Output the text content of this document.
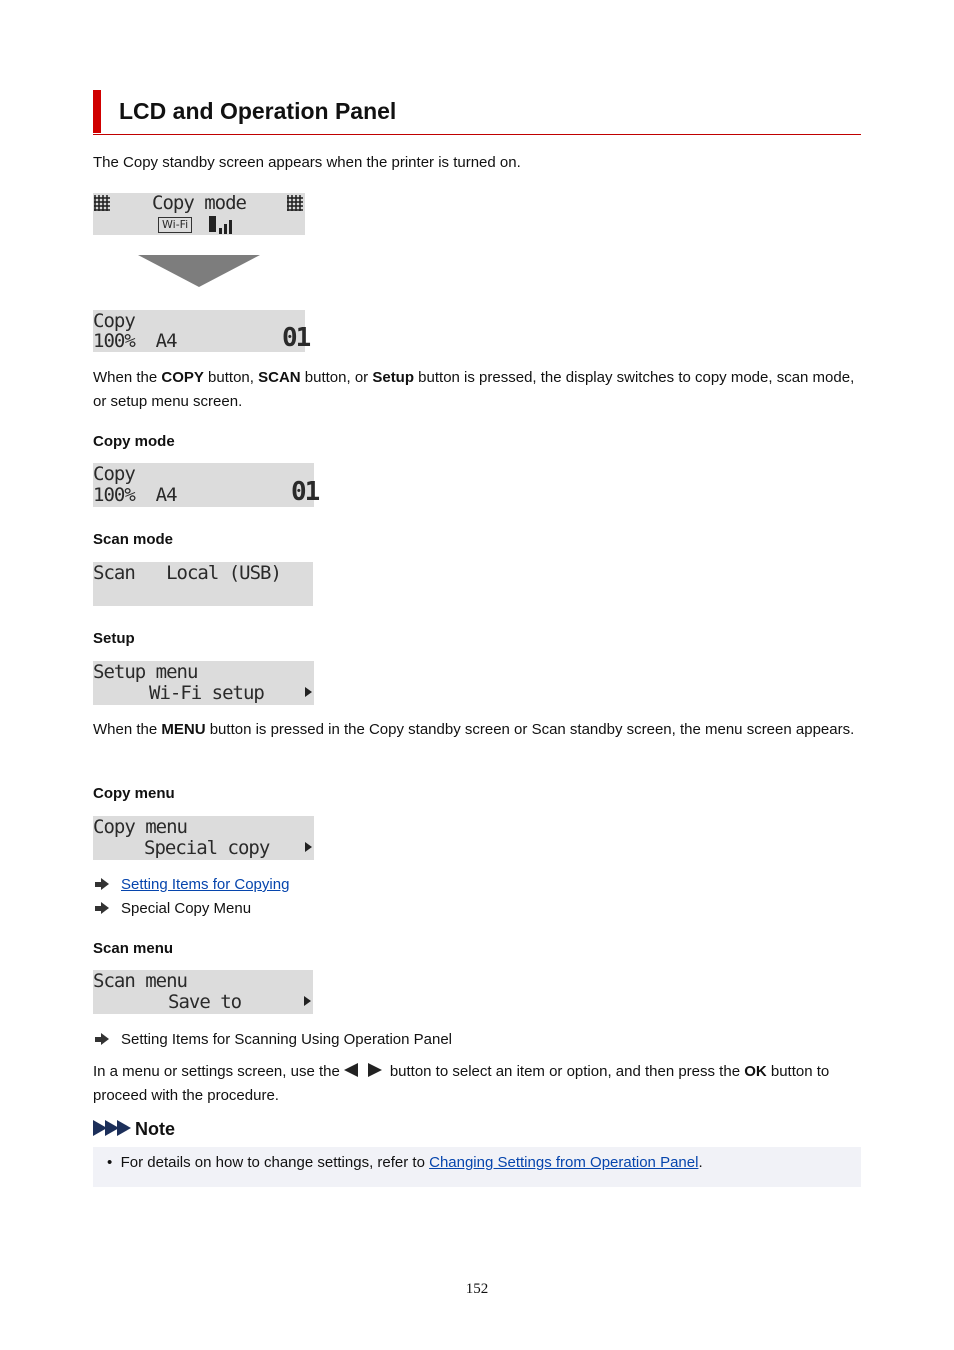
LCD and Operation Panel
The Copy standby screen appears when the printer is turned on.
Copy mode
Wi-Fi
Copy
100%  A4	01
When the COPY button, SCAN button, or Setup button is pressed, the display switches to copy mode, scan mode, or setup menu screen.
Copy mode
Copy
100%  A4	01
Scan mode
Scan   Local (USB)
Setup
Setup menu
Wi-Fi setup
When the MENU button is pressed in the Copy standby screen or Scan standby screen, the menu screen appears.
Copy menu
Copy menu
Special copy
Setting Items for Copying
Special Copy Menu
Scan menu
Scan menu
Save to
Setting Items for Scanning Using Operation Panel
In a menu or settings screen, use the	button to select an item or option, and then press the OK button to proceed with the procedure.
Note
•  For details on how to change settings, refer to Changing Settings from Operation Panel.
152
